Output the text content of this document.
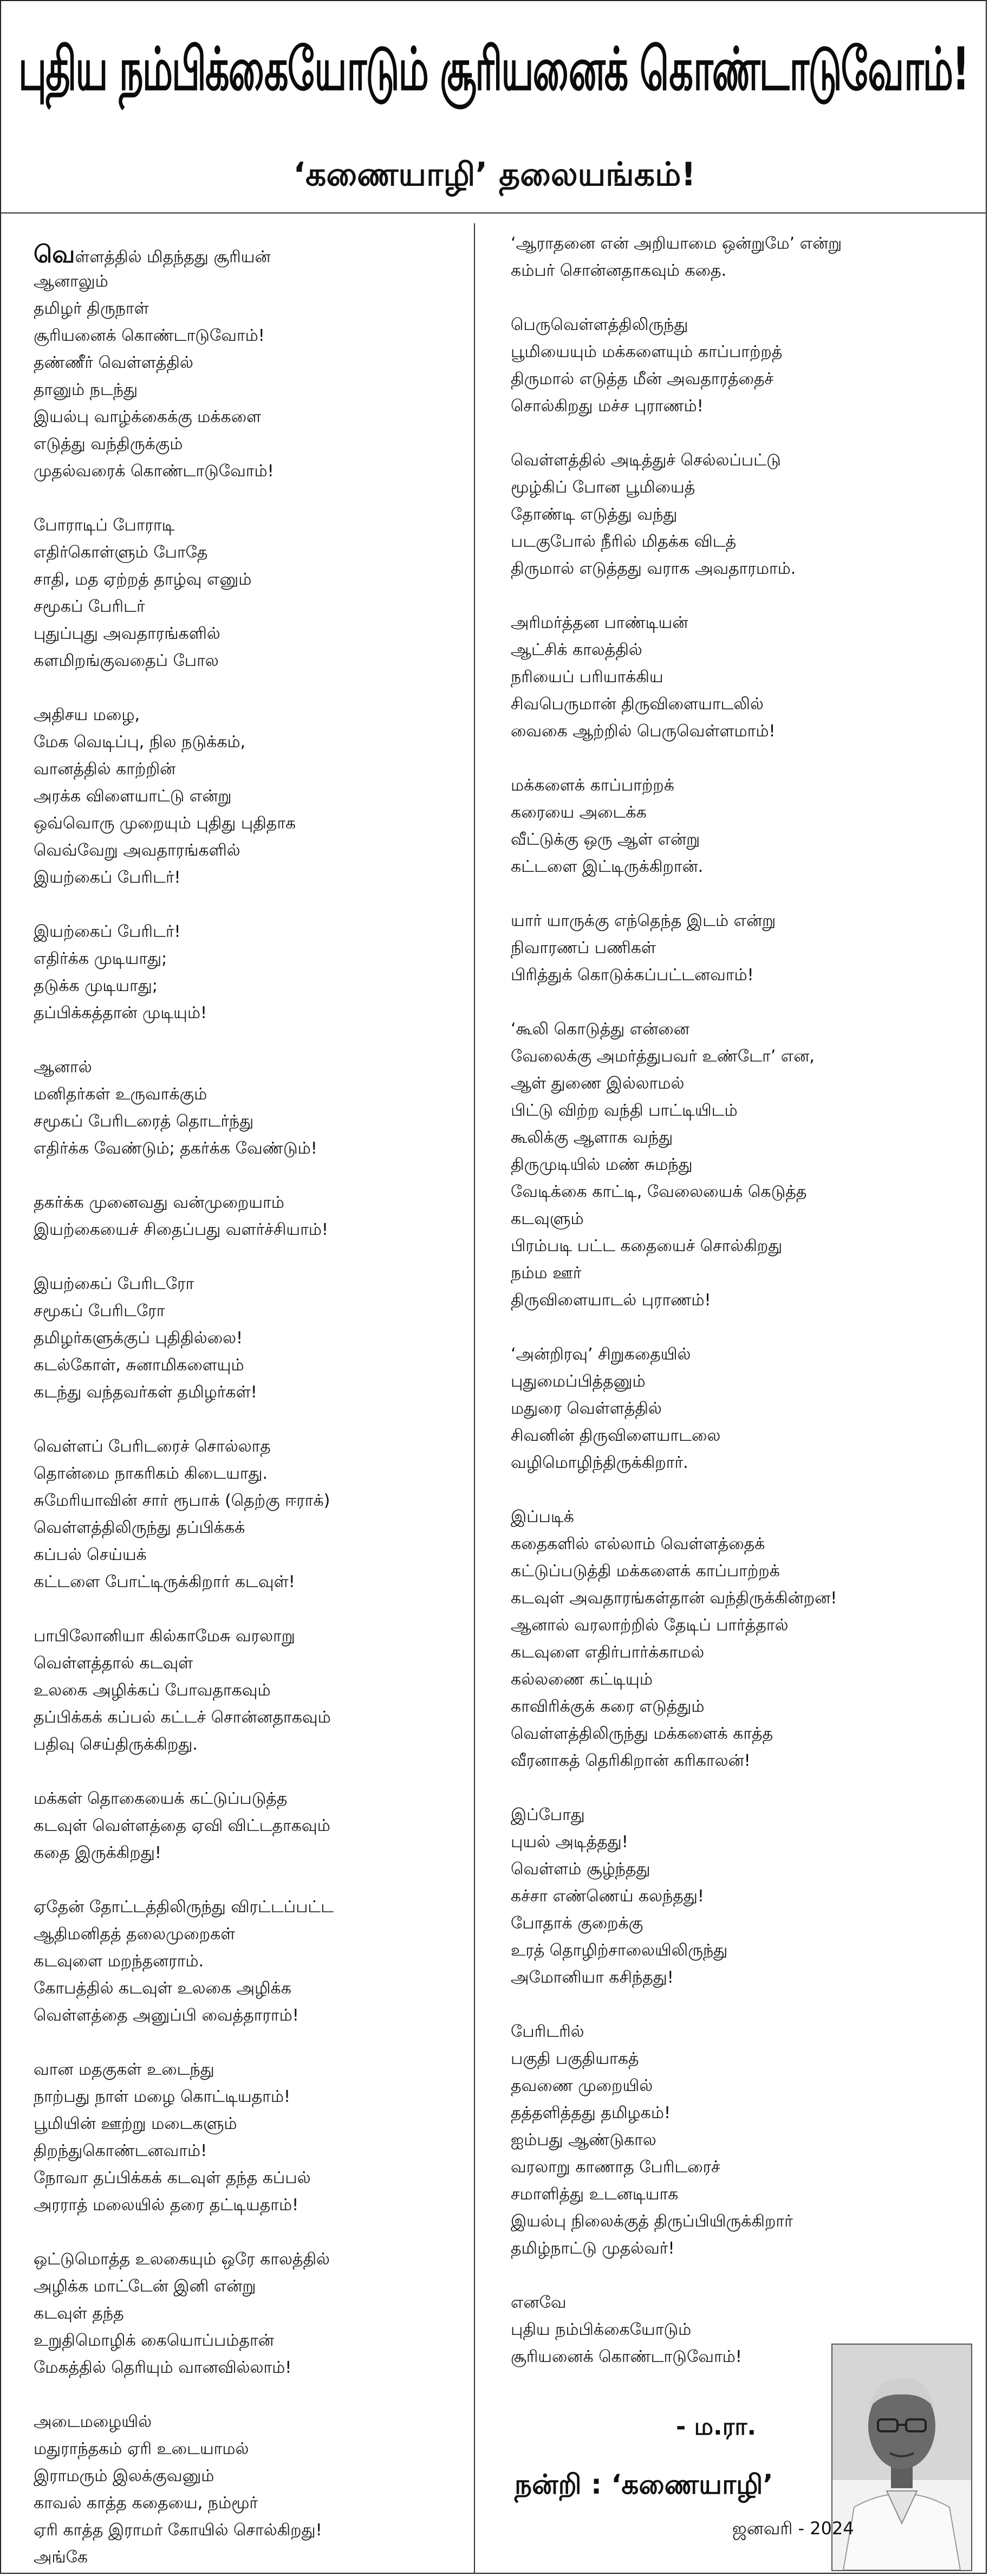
புதிய நம்பிக்கையோடும் சூரியனைக் கொண்டாடுவோம்!
‘கணையாழி’ தலையங்கம்!
வெள்ளத்தில் மிதந்தது சூரியன்
ஆனாலும்
தமிழர் திருநாள்
சூரியனைக் கொண்டாடுவோம்!
தண்ணீர் வெள்ளத்தில்
தானும் நடந்து
இயல்பு வாழ்க்கைக்கு மக்களை
எடுத்து வந்திருக்கும்
முதல்வரைக் கொண்டாடுவோம்!
போராடிப் போராடி
எதிர்கொள்ளும் போதே
சாதி, மத ஏற்றத் தாழ்வு எனும்
சமூகப் பேரிடர்
புதுப்புது அவதாரங்களில்
களமிறங்குவதைப் போல
அதிசய மழை,
மேக வெடிப்பு, நில நடுக்கம்,
வானத்தில் காற்றின்
அரக்க விளையாட்டு என்று
ஒவ்வொரு முறையும் புதிது புதிதாக
வெவ்வேறு அவதாரங்களில்
இயற்கைப் பேரிடர்!
இயற்கைப் பேரிடர்!
எதிர்க்க முடியாது;
தடுக்க முடியாது;
தப்பிக்கத்தான் முடியும்!
ஆனால்
மனிதர்கள் உருவாக்கும்
சமூகப் பேரிடரைத் தொடர்ந்து
எதிர்க்க வேண்டும்; தகர்க்க வேண்டும்!
தகர்க்க முனைவது வன்முறையாம்
இயற்கையைச் சிதைப்பது வளர்ச்சியாம்!
இயற்கைப் பேரிடரோ
சமூகப் பேரிடரோ
தமிழர்களுக்குப் புதிதில்லை!
கடல்கோள், சுனாமிகளையும்
கடந்து வந்தவர்கள் தமிழர்கள்!
வெள்ளப் பேரிடரைச் சொல்லாத
தொன்மை நாகரிகம் கிடையாது.
சுமேரியாவின் சார் ரூபாக் (தெற்கு ஈராக்)
வெள்ளத்திலிருந்து தப்பிக்கக்
கப்பல் செய்யக்
கட்டளை போட்டிருக்கிறார் கடவுள்!
பாபிலோனியா கில்காமேசு வரலாறு
வெள்ளத்தால் கடவுள்
உலகை அழிக்கப் போவதாகவும்
தப்பிக்கக் கப்பல் கட்டச் சொன்னதாகவும்
பதிவு செய்திருக்கிறது.
மக்கள் தொகையைக் கட்டுப்படுத்த
கடவுள் வெள்ளத்தை ஏவி விட்டதாகவும்
கதை இருக்கிறது!
ஏதேன் தோட்டத்திலிருந்து விரட்டப்பட்ட
ஆதிமனிதத் தலைமுறைகள்
கடவுளை மறந்தனராம்.
கோபத்தில் கடவுள் உலகை அழிக்க
வெள்ளத்தை அனுப்பி வைத்தாராம்!
வான மதகுகள் உடைந்து
நாற்பது நாள் மழை கொட்டியதாம்!
பூமியின் ஊற்று மடைகளும்
திறந்துகொண்டனவாம்!
நோவா தப்பிக்கக் கடவுள் தந்த கப்பல்
அரராத் மலையில் தரை தட்டியதாம்!
ஒட்டுமொத்த உலகையும் ஒரே காலத்தில்
அழிக்க மாட்டேன் இனி என்று
கடவுள் தந்த
உறுதிமொழிக் கையொப்பம்தான்
மேகத்தில் தெரியும் வானவில்லாம்!
அடைமழையில்
மதுராந்தகம் ஏரி உடையாமல்
இராமரும் இலக்குவனும்
காவல் காத்த கதையை, நம்மூர்
ஏரி காத்த இராமர் கோயில் சொல்கிறது!
அங்கே
‘ஆராதனை என் அறியாமை ஒன்றுமே’ என்று
கம்பர் சொன்னதாகவும் கதை.
பெருவெள்ளத்திலிருந்து
பூமியையும் மக்களையும் காப்பாற்றத்
திருமால் எடுத்த மீன் அவதாரத்தைச்
சொல்கிறது மச்ச புராணம்!
வெள்ளத்தில் அடித்துச் செல்லப்பட்டு
மூழ்கிப் போன பூமியைத்
தோண்டி எடுத்து வந்து
படகுபோல் நீரில் மிதக்க விடத்
திருமால் எடுத்தது வராக அவதாரமாம்.
அரிமர்த்தன பாண்டியன்
ஆட்சிக் காலத்தில்
நரியைப் பரியாக்கிய
சிவபெருமான் திருவிளையாடலில்
வைகை ஆற்றில் பெருவெள்ளமாம்!
மக்களைக் காப்பாற்றக்
கரையை அடைக்க
வீட்டுக்கு ஒரு ஆள் என்று
கட்டளை இட்டிருக்கிறான்.
யார் யாருக்கு எந்தெந்த இடம் என்று
நிவாரணப் பணிகள்
பிரித்துக் கொடுக்கப்பட்டனவாம்!
‘கூலி கொடுத்து என்னை
வேலைக்கு அமர்த்துபவர் உண்டோ’ என,
ஆள் துணை இல்லாமல்
பிட்டு விற்ற வந்தி பாட்டியிடம்
கூலிக்கு ஆளாக வந்து
திருமுடியில் மண் சுமந்து
வேடிக்கை காட்டி, வேலையைக் கெடுத்த
கடவுளும்
பிரம்படி பட்ட கதையைச் சொல்கிறது
நம்ம ஊர்
திருவிளையாடல் புராணம்!
‘அன்றிரவு’ சிறுகதையில்
புதுமைப்பித்தனும்
மதுரை வெள்ளத்தில்
சிவனின் திருவிளையாடலை
வழிமொழிந்திருக்கிறார்.
இப்படிக்
கதைகளில் எல்லாம் வெள்ளத்தைக்
கட்டுப்படுத்தி மக்களைக் காப்பாற்றக்
கடவுள் அவதாரங்கள்தான் வந்திருக்கின்றன!
ஆனால் வரலாற்றில் தேடிப் பார்த்தால்
கடவுளை எதிர்பார்க்காமல்
கல்லணை கட்டியும்
காவிரிக்குக் கரை எடுத்தும்
வெள்ளத்திலிருந்து மக்களைக் காத்த
வீரனாகத் தெரிகிறான் கரிகாலன்!
இப்போது
புயல் அடித்தது!
வெள்ளம் சூழ்ந்தது
கச்சா எண்ணெய் கலந்தது!
போதாக் குறைக்கு
உரத் தொழிற்சாலையிலிருந்து
அமோனியா கசிந்தது!
பேரிடரில்
பகுதி பகுதியாகத்
தவணை முறையில்
தத்தளித்தது தமிழகம்!
ஐம்பது ஆண்டுகால
வரலாறு காணாத பேரிடரைச்
சமாளித்து உடனடியாக
இயல்பு நிலைக்குத் திருப்பியிருக்கிறார்
தமிழ்நாட்டு முதல்வர்!
எனவே
புதிய நம்பிக்கையோடும்
சூரியனைக் கொண்டாடுவோம்!
- ம.ரா.
நன்றி : ‘கணையாழி’
ஜனவரி - 2024
